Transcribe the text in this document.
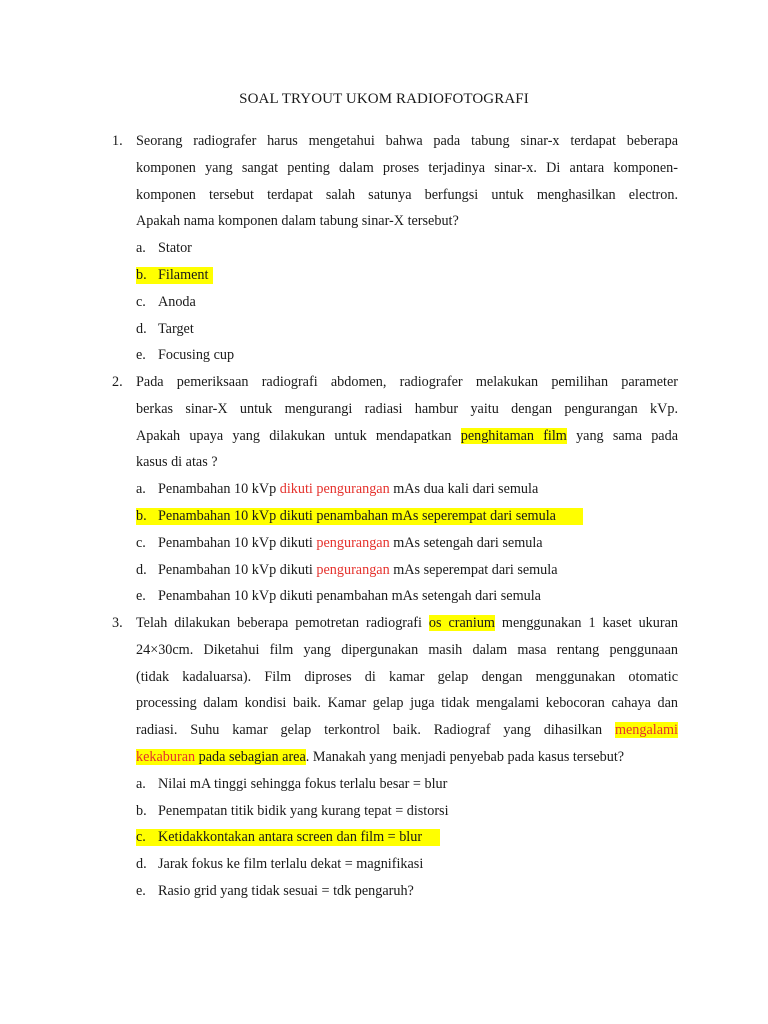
SOAL TRYOUT UKOM RADIOFOTOGRAFI
1. Seorang radiografer harus mengetahui bahwa pada tabung sinar-x terdapat beberapa
komponen yang sangat penting dalam proses terjadinya sinar-x. Di antara komponen-
komponen tersebut terdapat salah satunya berfungsi untuk menghasilkan electron.
Apakah nama komponen dalam tabung sinar-X tersebut?
a. Stator
b. Filament
c. Anoda
d. Target
e. Focusing cup
2. Pada pemeriksaan radiografi abdomen, radiografer melakukan pemilihan parameter
berkas sinar-X untuk mengurangi radiasi hambur yaitu dengan pengurangan kVp.
Apakah upaya yang dilakukan untuk mendapatkan penghitaman film yang sama pada
kasus di atas ?
a. Penambahan 10 kVp dikuti pengurangan mAs dua kali dari semula
b. Penambahan 10 kVp dikuti penambahan mAs seperempat dari semula
c. Penambahan 10 kVp dikuti pengurangan mAs setengah dari semula
d. Penambahan 10 kVp dikuti pengurangan mAs seperempat dari semula
e. Penambahan 10 kVp dikuti penambahan mAs setengah dari semula
3. Telah dilakukan beberapa pemotretan radiografi os cranium menggunakan 1 kaset ukuran
24×30cm. Diketahui film yang dipergunakan masih dalam masa rentang penggunaan
(tidak kadaluarsa). Film diproses di kamar gelap dengan menggunakan otomatic
processing dalam kondisi baik. Kamar gelap juga tidak mengalami kebocoran cahaya dan
radiasi. Suhu kamar gelap terkontrol baik. Radiograf yang dihasilkan mengalami
kekaburan pada sebagian area. Manakah yang menjadi penyebab pada kasus tersebut?
a. Nilai mA tinggi sehingga fokus terlalu besar = blur
b. Penempatan titik bidik yang kurang tepat = distorsi
c. Ketidakkontakan antara screen dan film = blur
d. Jarak fokus ke film terlalu dekat = magnifikasi
e. Rasio grid yang tidak sesuai = tdk pengaruh?
